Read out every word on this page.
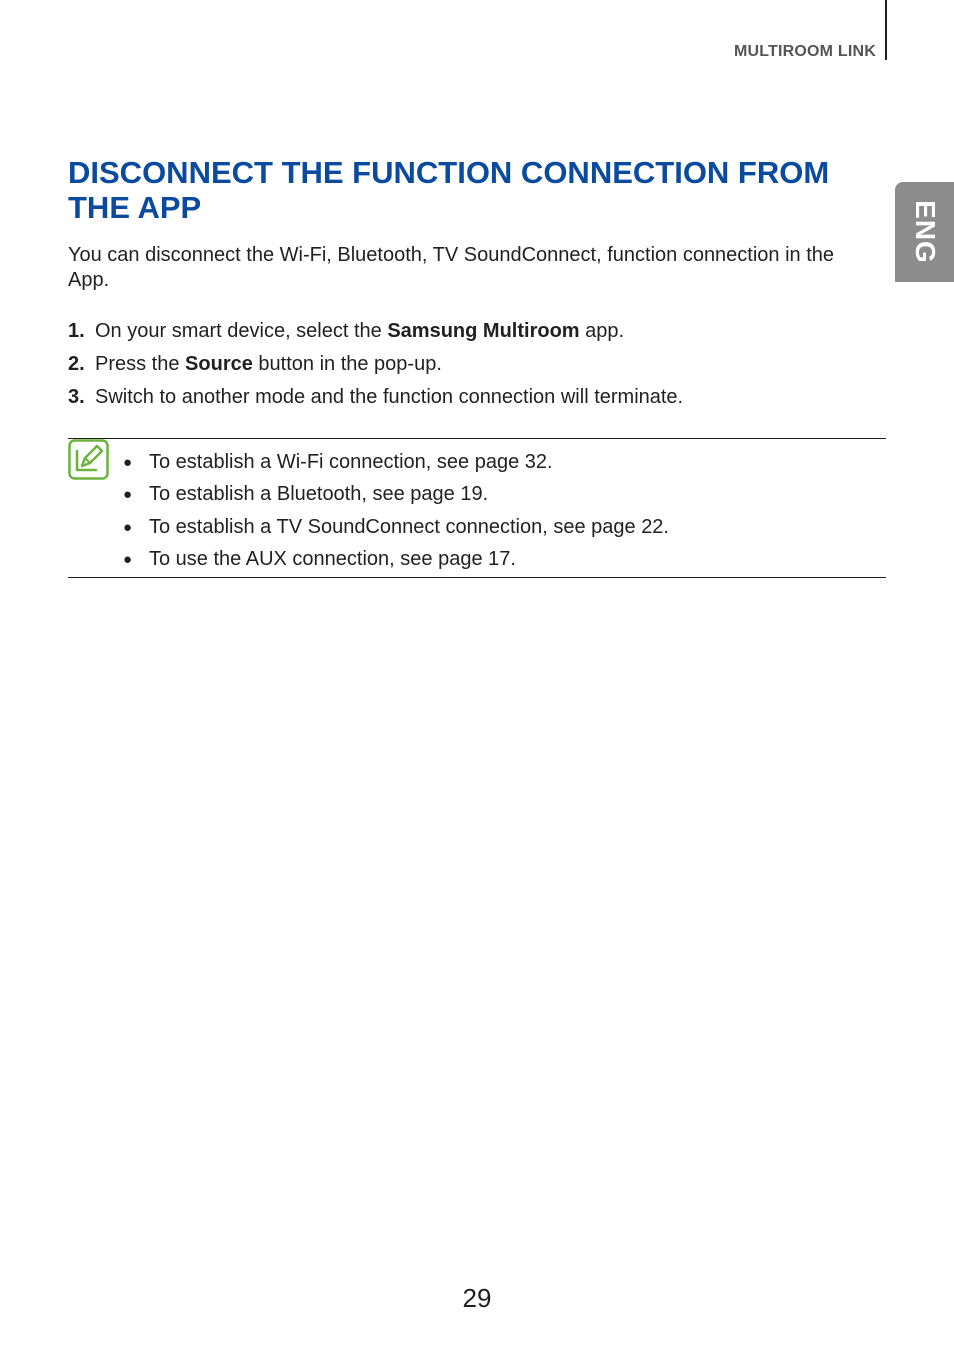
MULTIROOM LINK
ENG
DISCONNECT THE FUNCTION CONNECTION FROM THE APP

You can disconnect the Wi-Fi, Bluetooth, TV SoundConnect, function connection in the App.

1. On your smart device, select the Samsung Multiroom app.
2. Press the Source button in the pop-up.
3. Switch to another mode and the function connection will terminate.
● To establish a Wi-Fi connection, see page 32.
● To establish a Bluetooth, see page 19.
● To establish a TV SoundConnect connection, see page 22.
● To use the AUX connection, see page 17.
29
